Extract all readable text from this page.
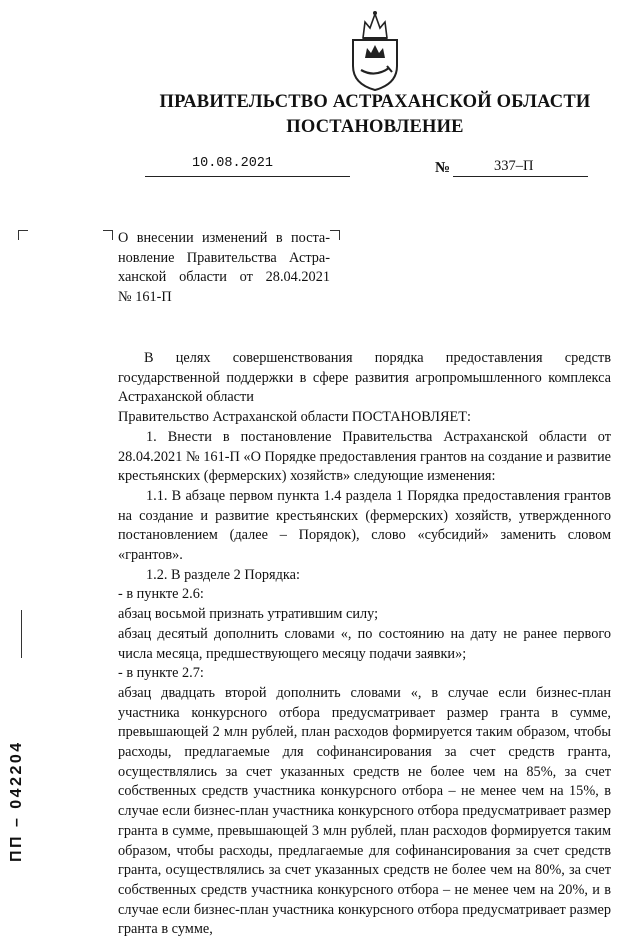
ПРАВИТЕЛЬСТВО АСТРАХАНСКОЙ ОБЛАСТИ
ПОСТАНОВЛЕНИЕ
10.08.2021	№	337–П
О внесении изменений в поста-
новление Правительства Астра-
ханской области от 28.04.2021
№ 161-П

В целях совершенствования порядка предоставления средств государственной поддержки в сфере развития агропромышленного комплекса Астраханской области

Правительство Астраханской области ПОСТАНОВЛЯЕТ:

1. Внести в постановление Правительства Астраханской области от 28.04.2021 № 161-П «О Порядке предоставления грантов на создание и развитие крестьянских (фермерских) хозяйств» следующие изменения:

1.1. В абзаце первом пункта 1.4 раздела 1 Порядка предоставления грантов на создание и развитие крестьянских (фермерских) хозяйств, утвержденного постановлением (далее – Порядок), слово «субсидий» заменить словом «грантов».

1.2. В разделе 2 Порядка:

- в пункте 2.6:

абзац восьмой признать утратившим силу;

абзац десятый дополнить словами «, по состоянию на дату не ранее первого числа месяца, предшествующего месяцу подачи заявки»;

- в пункте 2.7:

абзац двадцать второй дополнить словами «, в случае если бизнес-план участника конкурсного отбора предусматривает размер гранта в сумме, превышающей 2 млн рублей, план расходов формируется таким образом, чтобы расходы, предлагаемые для софинансирования за счет средств гранта, осуществлялись за счет указанных средств не более чем на 85%, за счет собственных средств участника конкурсного отбора – не менее чем на 15%, в случае если бизнес-план участника конкурсного отбора предусматривает размер гранта в сумме, превышающей 3 млн рублей, план расходов формируется таким образом, чтобы расходы, предлагаемые для софинансирования за счет средств гранта, осуществлялись за счет указанных средств не более чем на 80%, за счет собственных средств участника конкурсного отбора – не менее чем на 20%, и в случае если бизнес-план участника конкурсного отбора предусматривает размер гранта в сумме,

ПП – 042204
